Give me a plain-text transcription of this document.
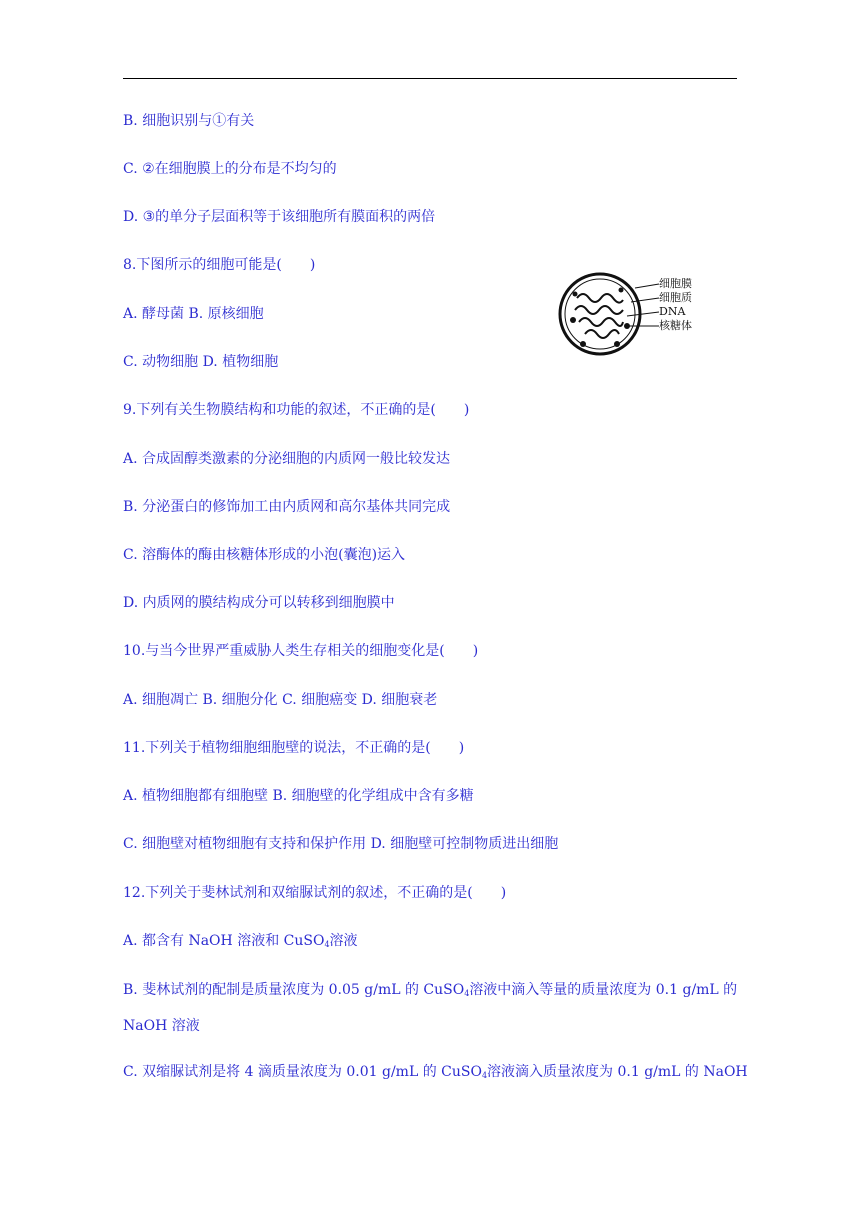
B. 细胞识别与①有关
C. ②在细胞膜上的分布是不均匀的
D. ③的单分子层面积等于该细胞所有膜面积的两倍
8.下图所示的细胞可能是(　　)
A. 酵母菌 B. 原核细胞
C. 动物细胞 D. 植物细胞
9.下列有关生物膜结构和功能的叙述，不正确的是(　　)
A. 合成固醇类激素的分泌细胞的内质网一般比较发达
B. 分泌蛋白的修饰加工由内质网和高尔基体共同完成
C. 溶酶体的酶由核糖体形成的小泡(囊泡)运入
D. 内质网的膜结构成分可以转移到细胞膜中
10.与当今世界严重威胁人类生存相关的细胞变化是(　　)
A. 细胞凋亡 B. 细胞分化 C. 细胞癌变 D. 细胞衰老
11.下列关于植物细胞细胞壁的说法，不正确的是(　　)
A. 植物细胞都有细胞壁 B. 细胞壁的化学组成中含有多糖
C. 细胞壁对植物细胞有支持和保护作用 D. 细胞壁可控制物质进出细胞
12.下列关于斐林试剂和双缩脲试剂的叙述，不正确的是(　　)
A. 都含有 NaOH 溶液和 CuSO$_4$溶液
B. 斐林试剂的配制是质量浓度为 0.05 g/mL 的 CuSO$_4$溶液中滴入等量的质量浓度为 0.1 g/mL 的 NaOH 溶液
C. 双缩脲试剂是将 4 滴质量浓度为 0.01 g/mL 的 CuSO$_4$溶液滴入质量浓度为 0.1 g/mL 的 NaOH
细胞膜
细胞质
DNA
核糖体
